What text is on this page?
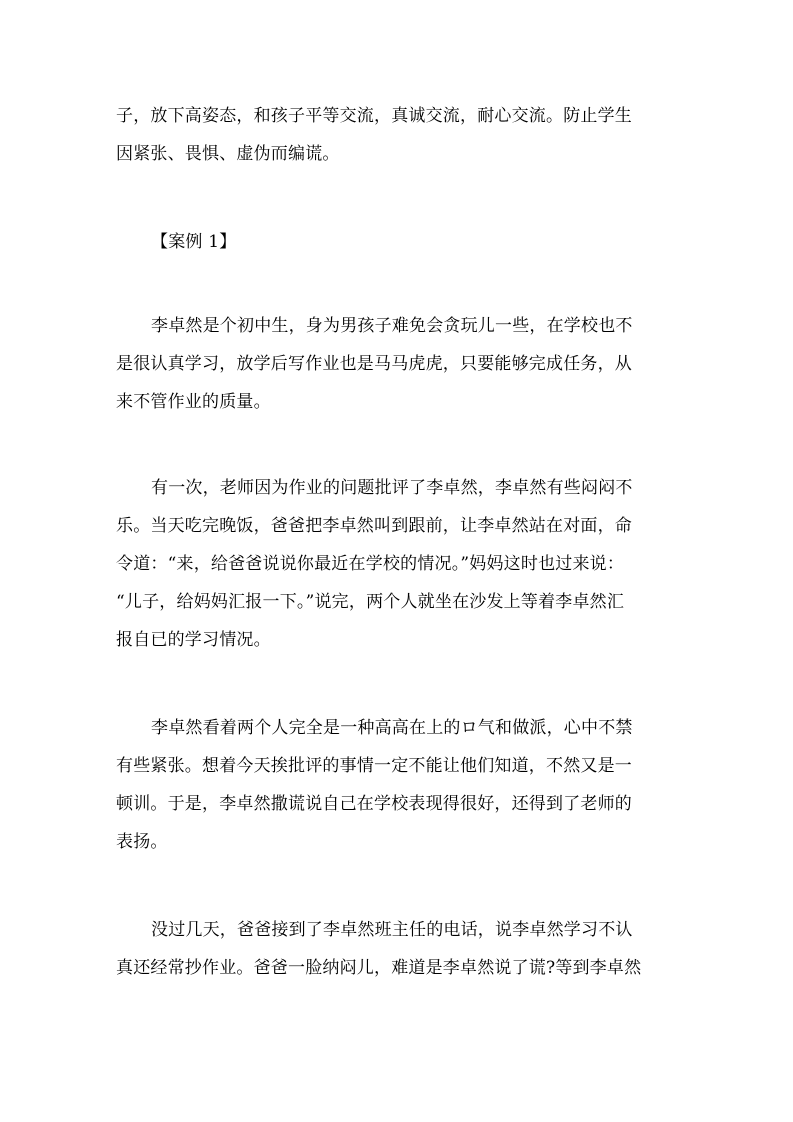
子，放下高姿态，和孩子平等交流，真诚交流，耐心交流。防止学生
因紧张、畏惧、虚伪而编谎。
【案例 1】
李卓然是个初中生，身为男孩子难免会贪玩儿一些，在学校也不
是很认真学习，放学后写作业也是马马虎虎，只要能够完成任务，从
来不管作业的质量。
有一次，老师因为作业的问题批评了李卓然，李卓然有些闷闷不
乐。当天吃完晚饭，爸爸把李卓然叫到跟前，让李卓然站在对面，命
令道：“来，给爸爸说说你最近在学校的情况。”妈妈这时也过来说：
“儿子，给妈妈汇报一下。”说完，两个人就坐在沙发上等着李卓然汇
报自已的学习情况。
李卓然看着两个人完全是一种高高在上的ロ气和做派，心中不禁
有些紧张。想着今天挨批评的事情一定不能让他们知道，不然又是一
顿训。于是，李卓然撒谎说自己在学校表现得很好，还得到了老师的
表扬。
没过几天，爸爸接到了李卓然班主任的电话，说李卓然学习不认
真还经常抄作业。爸爸一脸纳闷儿，难道是李卓然说了谎?等到李卓然
